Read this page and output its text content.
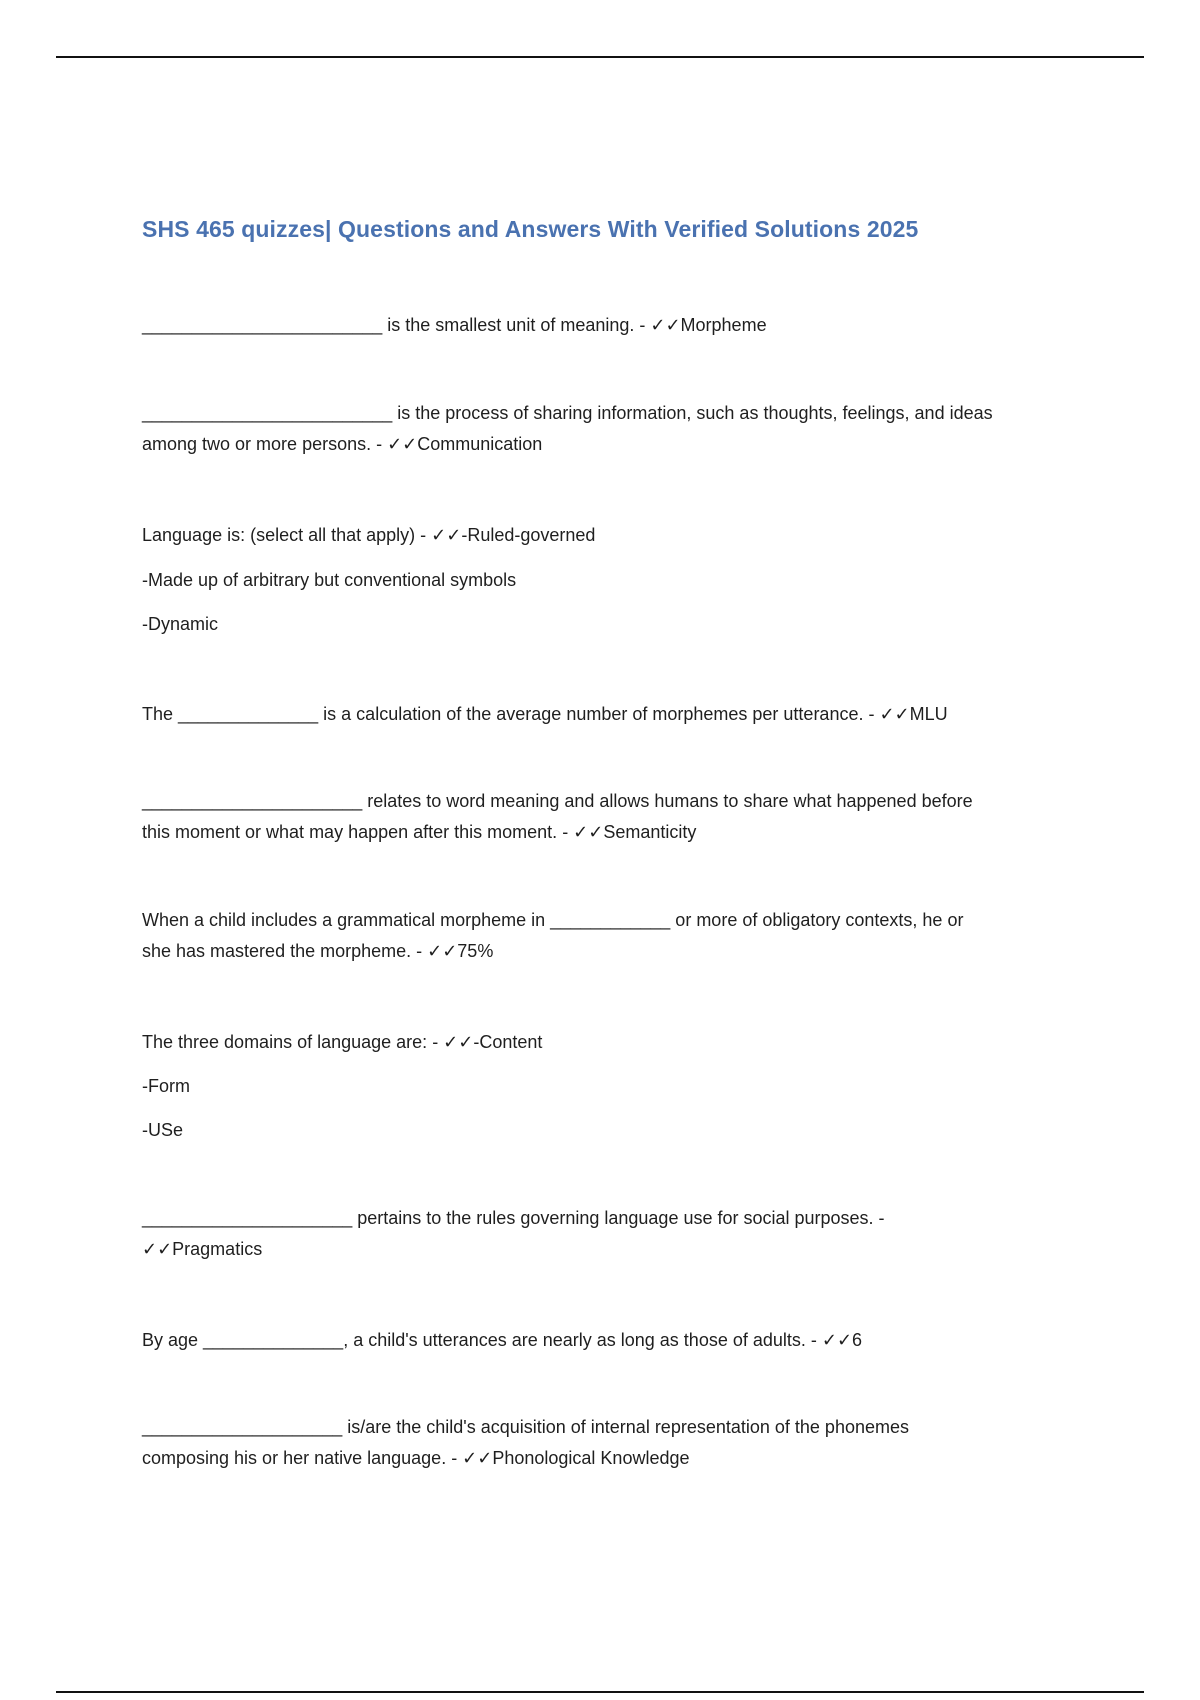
SHS 465 quizzes| Questions and Answers With Verified Solutions 2025

________________________ is the smallest unit of meaning. - ✓✓Morpheme

_________________________ is the process of sharing information, such as thoughts, feelings, and ideas

among two or more persons. - ✓✓Communication

Language is: (select all that apply) - ✓✓-Ruled-governed

-Made up of arbitrary but conventional symbols

-Dynamic

The ______________ is a calculation of the average number of morphemes per utterance. - ✓✓MLU

______________________ relates to word meaning and allows humans to share what happened before

this moment or what may happen after this moment. - ✓✓Semanticity

When a child includes a grammatical morpheme in ____________ or more of obligatory contexts, he or

she has mastered the morpheme. - ✓✓75%

The three domains of language are: - ✓✓-Content

-Form

-USe

_____________________ pertains to the rules governing language use for social purposes. -

✓✓Pragmatics

By age ______________, a child's utterances are nearly as long as those of adults. - ✓✓6

____________________ is/are the child's acquisition of internal representation of the phonemes

composing his or her native language. - ✓✓Phonological Knowledge
